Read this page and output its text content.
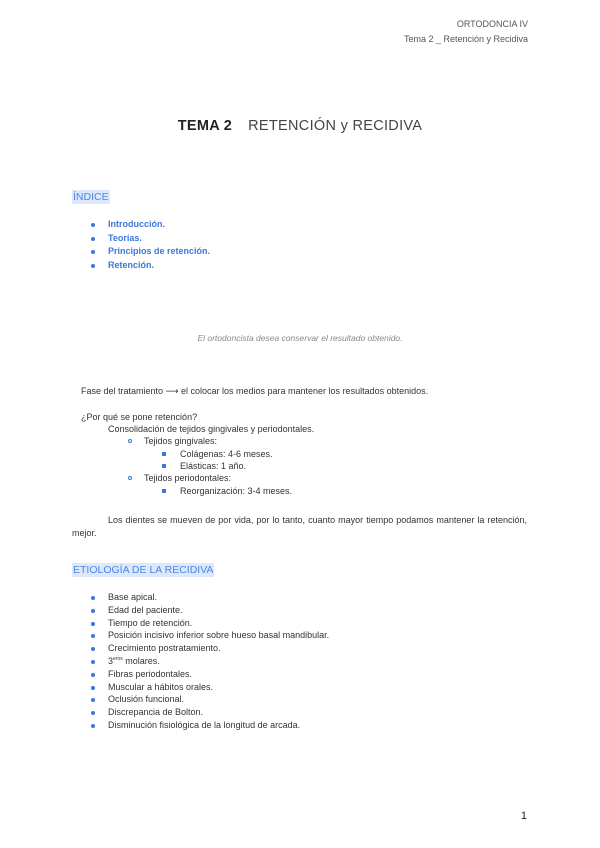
ORTODONCIA IV
Tema 2 _ Retención y Recidiva
TEMA 2 RETENCIÓN y RECIDIVA
ÍNDICE
Introducción.
Teorías.
Principios de retención.
Retención.
El ortodoncista desea conservar el resultado obtenido.
Fase del tratamiento ⟶ el colocar los medios para mantener los resultados obtenidos.
¿Por qué se pone retención?
Consolidación de tejidos gingivales y periodontales.
Tejidos gingivales:
Colágenas: 4-6 meses.
Elásticas: 1 año.
Tejidos periodontales:
Reorganización: 3-4 meses.

Los dientes se mueven de por vida, por lo tanto, cuanto mayor tiempo podamos mantener la retención, mejor.

ETIOLOGÍA DE LA RECIDIVA
Base apical.
Edad del paciente.
Tiempo de retención.
Posición incisivo inferior sobre hueso basal mandibular.
Crecimiento postratamiento.
$3^{eros}$ molares.
Fibras periodontales.
Muscular a hábitos orales.
Oclusión funcional.
Discrepancia de Bolton.
Disminución fisiológica de la longitud de arcada.
1
